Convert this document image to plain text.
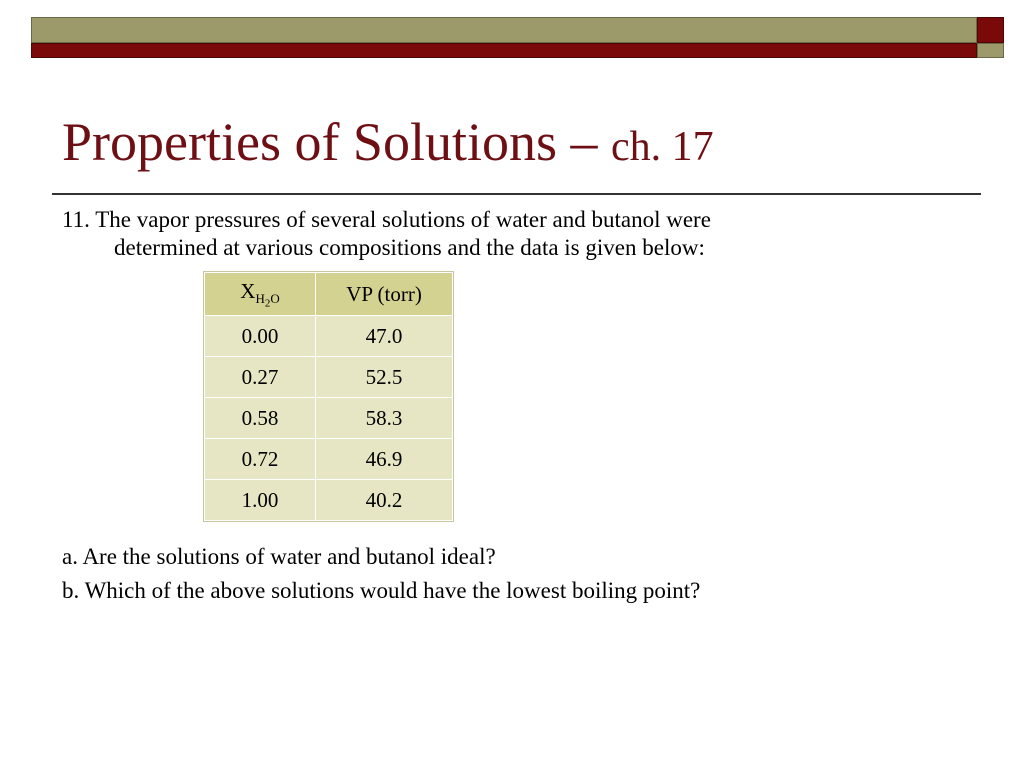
Properties of Solutions – ch. 17

11. The vapor pressures of several solutions of water and butanol were
determined at various compositions and the data is given below:

$X_{H_2O}$	VP (torr)
0.00	47.0
0.27	52.5
0.58	58.3
0.72	46.9
1.00	40.2

a. Are the solutions of water and butanol ideal?

b. Which of the above solutions would have the lowest boiling point?
